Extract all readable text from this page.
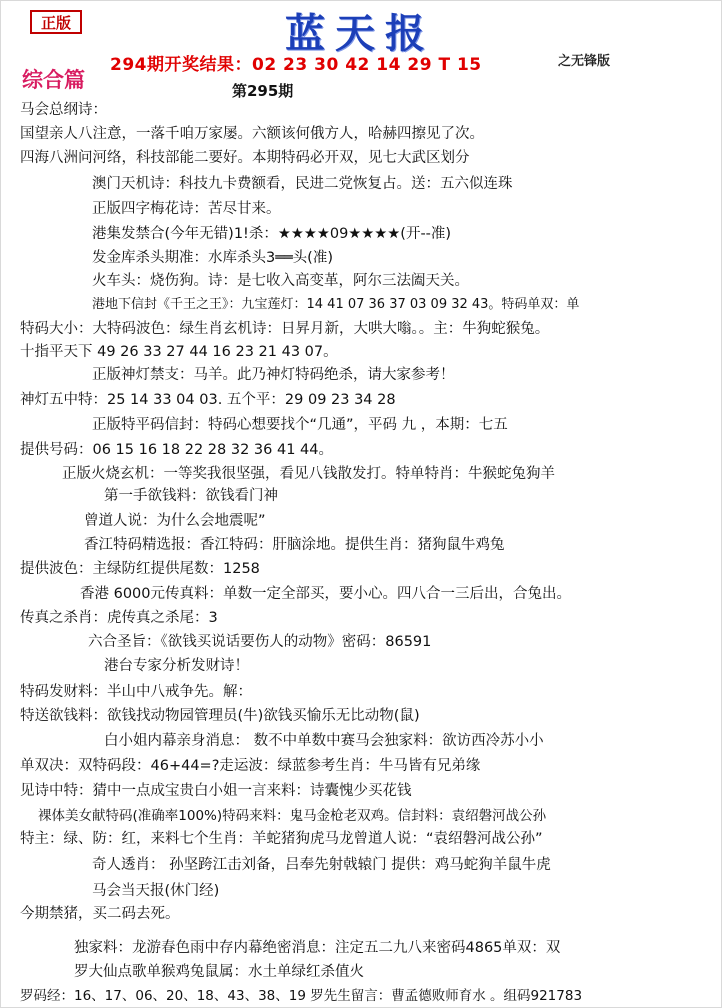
正版	蓝天报
294期开奖结果：02 23 30 42 14 29 T 15	之无锋版
综合篇	第295期
马会总纲诗：
国望亲人八注意，一落千咱万家屡。六额该何俄方人，哈赫四擦见了次。
四海八洲问河络，科技部能二要好。本期特码必开双，见七大武区划分
澳门天机诗：科技九卡费额看，民进二党恢复占。送：五六似连珠
正版四字梅花诗：苦尽甘来。
港集发禁合(今年无错)1!杀：★★★★09★★★★(开--准)
发金库杀头期准：水库杀头3══头(准)
火车头：烧伤狗。诗：是七收入高变革，阿尔三法阖天关。
港地下信封《千王之王》：九宝莲灯：14 41 07 36 37 03 09 32 43。特码单双：单
特码大小：大特码波色：绿生肖玄机诗：日昇月新，大哄大嗡。。主：牛狗蛇猴兔。
十指平天下 49 26 33 27 44 16 23 21 43 07。
正版神灯禁支：马羊。此乃神灯特码绝杀，请大家参考！
神灯五中特：25 14 33 04 03. 五个平：29 09 23 34 28
正版特平码信封：特码心想要找个“几通”，平码 九 ，本期：七五
提供号码：06 15 16 18 22 28 32 36 41 44。
正版火烧玄机：一等奖我很坚强，看见八钱散发打。特单特肖：牛猴蛇兔狗羊
第一手欲钱料：欲钱看门神
曾道人说：为什么会地震呢”
香江特码精选报：香江特码：肝脑涂地。提供生肖：猪狗鼠牛鸡兔
提供波色：主绿防红提供尾数：1258
香港 6000元传真料：单数一定全部买，要小心。四八合一三后出，合兔出。
传真之杀肖：虎传真之杀尾：3
六合圣旨：《欲钱买说话要伤人的动物》密码：86591
港台专家分析发财诗！
特码发财料：半山中八戒争先。解：
特送欲钱料：欲钱找动物园管理员(牛)欲钱买愉乐无比动物(鼠)
白小姐内幕亲身消息： 数不中单数中赛马会独家料：欲访西冷苏小小
单双决：双特码段：46+44=?走运波：绿蓝参考生肖：牛马皆有兄弟缘
见诗中特：猜中一点成宝贵白小姐一言来料：诗囊愧少买花钱
裸体美女献特码(准确率100%)特码来料：鬼马金枪老双鸡。信封料：袁绍磐河战公孙
特主：绿、防：红，来料七个生肖：羊蛇猪狗虎马龙曾道人说：“袁绍磐河战公孙”
奇人透肖： 孙坚跨江击刘备，吕奉先射戟辕门 提供：鸡马蛇狗羊鼠牛虎
马会当天报(休门经)
今期禁猪，买二码去死。
独家料：龙游春色雨中存内幕绝密消息：注定五二九八来密码4865单双：双
罗大仙点歌单猴鸡兔鼠属：水土单绿红杀值火
罗码经：16、17、06、20、18、43、38、19 罗先生留言：曹孟德败师育水 。组码921783
